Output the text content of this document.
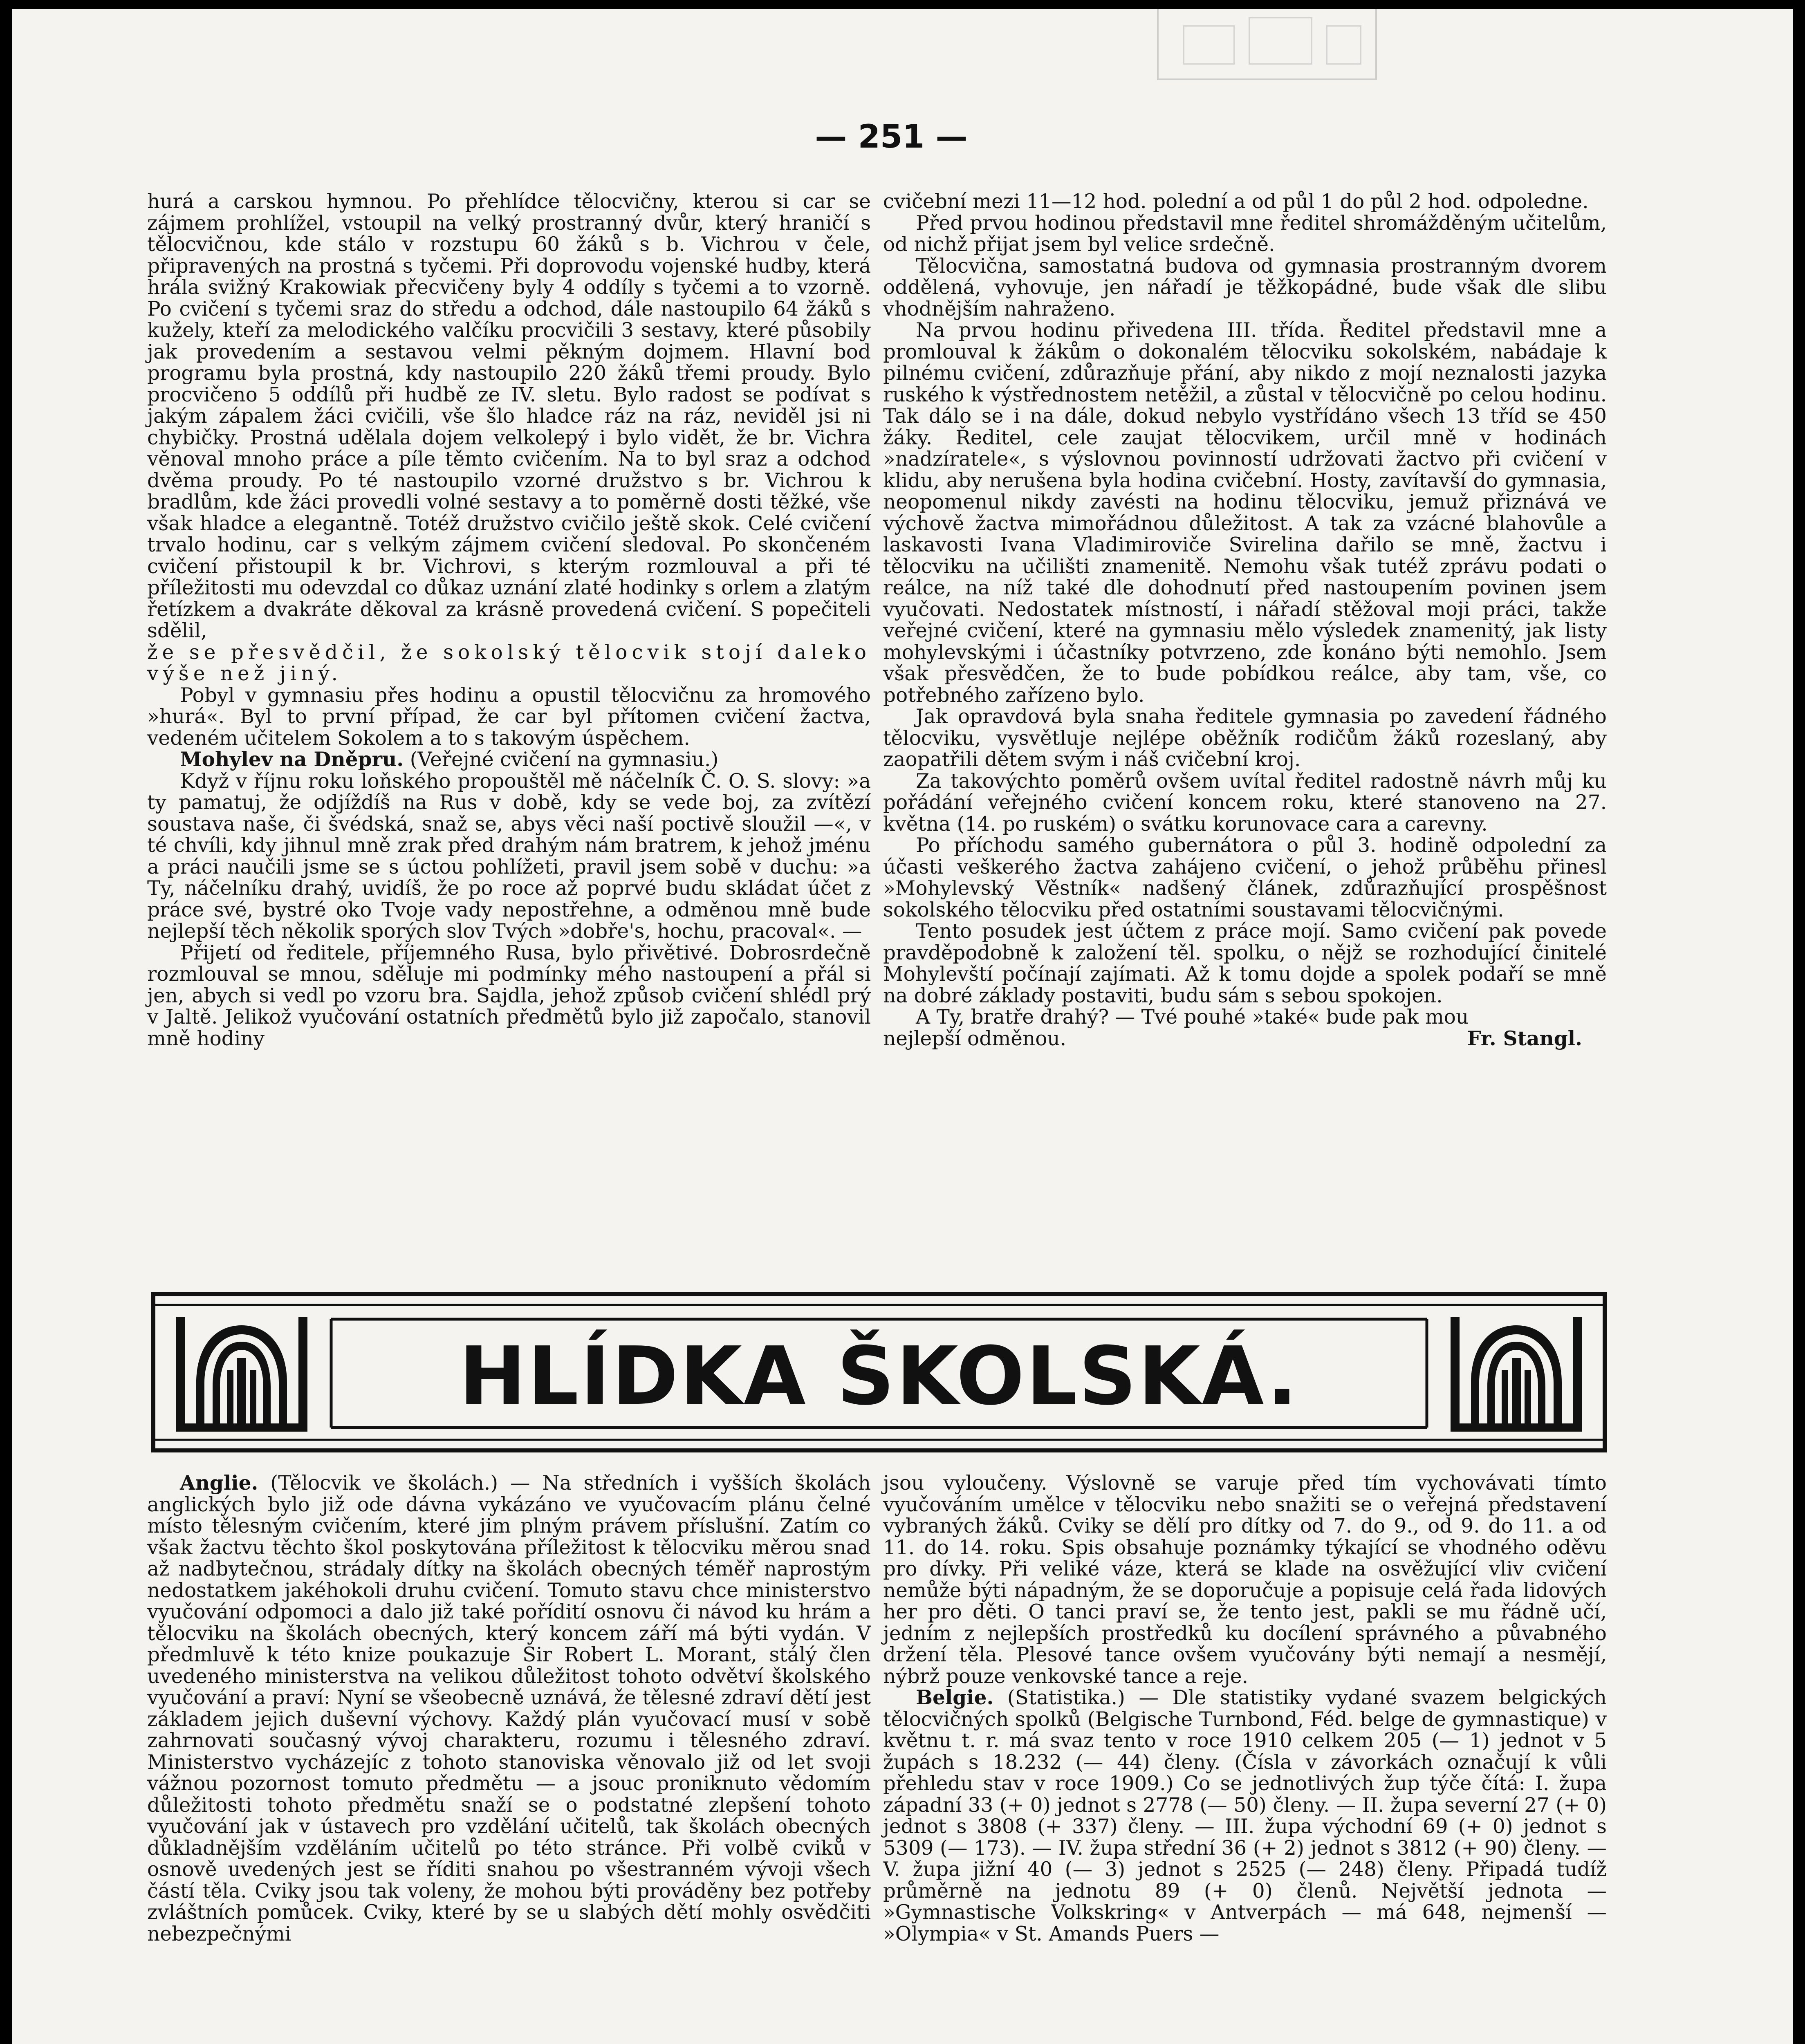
— 251 —

hurá a carskou hymnou. Po přehlídce tělocvičny, kterou si car se zájmem prohlížel, vstoupil na velký prostranný dvůr, který hraničí s tělocvičnou, kde stálo v rozstupu 60 žáků s b. Vichrou v čele, připravených na prostná s tyčemi. Při doprovodu vojenské hudby, která hrála svižný Krakowiak přecvičeny byly 4 oddíly s tyčemi a to vzorně. Po cvičení s tyčemi sraz do středu a odchod, dále nastoupilo 64 žáků s kužely, kteří za melodického valčíku procvičili 3 sestavy, které působily jak provedením a sestavou velmi pěkným dojmem. Hlavní bod programu byla prostná, kdy nastoupilo 220 žáků třemi proudy. Bylo procvičeno 5 oddílů při hudbě ze IV. sletu. Bylo radost se podívat s jakým zápalem žáci cvičili, vše šlo hladce ráz na ráz, neviděl jsi ni chybičky. Prostná udělala dojem velkolepý i bylo vidět, že br. Vichra věnoval mnoho práce a píle těmto cvičením. Na to byl sraz a odchod dvěma proudy. Po té nastoupilo vzorné družstvo s br. Vichrou k bradlům, kde žáci provedli volné sestavy a to poměrně dosti těžké, vše však hladce a elegantně. Totéž družstvo cvičilo ještě skok. Celé cvičení trvalo hodinu, car s velkým zájmem cvičení sledoval. Po skončeném cvičení přistoupil k br. Vichrovi, s kterým rozmlouval a při té příležitosti mu odevzdal co důkaz uznání zlaté hodinky s orlem a zlatým řetízkem a dvakráte děkoval za krásně provedená cvičení. S popečiteli sdělil,

že se přesvědčil, že sokolský tělocvik stojí daleko výše než jiný.

Pobyl v gymnasiu přes hodinu a opustil tělocvičnu za hromového »hurá«. Byl to první případ, že car byl přítomen cvičení žactva, vedeném učitelem Sokolem a to s takovým úspěchem.

Mohylev na Dněpru. (Veřejné cvičení na gymnasiu.)

Když v říjnu roku loňského propouštěl mě náčelník Č. O. S. slovy: »a ty pamatuj, že odjíždíš na Rus v době, kdy se vede boj, za zvítězí soustava naše, či švédská, snaž se, abys věci naší poctivě sloužil —«, v té chvíli, kdy jihnul mně zrak před drahým nám bratrem, k jehož jménu a práci naučili jsme se s úctou pohlížeti, pravil jsem sobě v duchu: »a Ty, náčelníku drahý, uvidíš, že po roce až poprvé budu skládat účet z práce své, bystré oko Tvoje vady nepostřehne, a odměnou mně bude nejlepší těch několik sporých slov Tvých »dobře's, hochu, pracoval«. —

Přijetí od ředitele, příjemného Rusa, bylo přivětivé. Dobrosrdečně rozmlouval se mnou, sděluje mi podmínky mého nastoupení a přál si jen, abych si vedl po vzoru bra. Sajdla, jehož způsob cvičení shlédl prý v Jaltě. Jelikož vyučování ostatních předmětů bylo již započalo, stanovil mně hodiny

cvičební mezi 11—12 hod. polední a od půl 1 do půl 2 hod. odpoledne.

Před prvou hodinou představil mne ředitel shromážděným učitelům, od nichž přijat jsem byl velice srdečně.

Tělocvična, samostatná budova od gymnasia prostranným dvorem oddělená, vyhovuje, jen nářadí je těžkopádné, bude však dle slibu vhodnějším nahraženo.

Na prvou hodinu přivedena III. třída. Ředitel představil mne a promlouval k žákům o dokonalém tělocviku sokolském, nabádaje k pilnému cvičení, zdůrazňuje přání, aby nikdo z mojí neznalosti jazyka ruského k výstřednostem netěžil, a zůstal v tělocvičně po celou hodinu. Tak dálo se i na dále, dokud nebylo vystřídáno všech 13 tříd se 450 žáky. Ředitel, cele zaujat tělocvikem, určil mně v hodinách »nadzíratele«, s výslovnou povinností udržovati žactvo při cvičení v klidu, aby nerušena byla hodina cvičební. Hosty, zavítavší do gymnasia, neopomenul nikdy zavésti na hodinu tělocviku, jemuž přiznává ve výchově žactva mimořádnou důležitost. A tak za vzácné blahovůle a laskavosti Ivana Vladimiroviče Svirelina dařilo se mně, žactvu i tělocviku na učilišti znamenitě. Nemohu však tutéž zprávu podati o reálce, na níž také dle dohodnutí před nastoupením povinen jsem vyučovati. Nedostatek místností, i nářadí stěžoval moji práci, takže veřejné cvičení, které na gymnasiu mělo výsledek znamenitý, jak listy mohylevskými i účastníky potvrzeno, zde konáno býti nemohlo. Jsem však přesvědčen, že to bude pobídkou reálce, aby tam, vše, co potřebného zařízeno bylo.

Jak opravdová byla snaha ředitele gymnasia po zavedení řádného tělocviku, vysvětluje nejlépe oběžník rodičům žáků rozeslaný, aby zaopatřili dětem svým i náš cvičební kroj.

Za takovýchto poměrů ovšem uvítal ředitel radostně návrh můj ku pořádání veřejného cvičení koncem roku, které stanoveno na 27. května (14. po ruském) o svátku korunovace cara a carevny.

Po příchodu samého gubernátora o půl 3. hodině odpolední za účasti veškerého žactva zahájeno cvičení, o jehož průběhu přinesl »Mohylevský Věstník« nadšený článek, zdůrazňující prospěšnost sokolského tělocviku před ostatními soustavami tělocvičnými.

Tento posudek jest účtem z práce mojí. Samo cvičení pak povede pravděpodobně k založení těl. spolku, o nějž se rozhodující činitelé Mohylevští počínají zajímati. Až k tomu dojde a spolek podaří se mně na dobré základy postaviti, budu sám s sebou spokojen.

A Ty, bratře drahý? — Tvé pouhé »také« bude pak mou

nejlepší odměnou.	Fr. Stangl.

HLÍDKA ŠKOLSKÁ.

Anglie. (Tělocvik ve školách.) — Na středních i vyšších školách anglických bylo již ode dávna vykázáno ve vyučovacím plánu čelné místo tělesným cvičením, které jim plným právem příslušní. Zatím co však žactvu těchto škol poskytována příležitost k tělocviku měrou snad až nadbytečnou, strádaly dítky na školách obecných téměř naprostým nedostatkem jakéhokoli druhu cvičení. Tomuto stavu chce ministerstvo vyučování odpomoci a dalo již také pořídití osnovu či návod ku hrám a tělocviku na školách obecných, který koncem září má býti vydán. V předmluvě k této knize poukazuje Sir Robert L. Morant, stálý člen uvedeného ministerstva na velikou důležitost tohoto odvětví školského vyučování a praví: Nyní se všeobecně uznává, že tělesné zdraví dětí jest základem jejich duševní výchovy. Každý plán vyučovací musí v sobě zahrnovati současný vývoj charakteru, rozumu i tělesného zdraví. Ministerstvo vycházejíc z tohoto stanoviska věnovalo již od let svoji vážnou pozornost tomuto předmětu — a jsouc proniknuto vědomím důležitosti tohoto předmětu snaží se o podstatné zlepšení tohoto vyučování jak v ústavech pro vzdělání učitelů, tak školách obecných důkladnějším vzděláním učitelů po této stránce. Při volbě cviků v osnově uvedených jest se říditi snahou po všestranném vývoji všech částí těla. Cviky jsou tak voleny, že mohou býti prováděny bez potřeby zvláštních pomůcek. Cviky, které by se u slabých dětí mohly osvědčiti nebezpečnými

jsou vyloučeny. Výslovně se varuje před tím vychovávati tímto vyučováním umělce v tělocviku nebo snažiti se o veřejná představení vybraných žáků. Cviky se dělí pro dítky od 7. do 9., od 9. do 11. a od 11. do 14. roku. Spis obsahuje poznámky týkající se vhodného oděvu pro dívky. Při veliké váze, která se klade na osvěžující vliv cvičení nemůže býti nápadným, že se doporučuje a popisuje celá řada lidových her pro děti. O tanci praví se, že tento jest, pakli se mu řádně učí, jedním z nejlepších prostředků ku docílení správného a půvabného držení těla. Plesové tance ovšem vyučovány býti nemají a nesmějí, nýbrž pouze venkovské tance a reje.

Belgie. (Statistika.) — Dle statistiky vydané svazem belgických tělocvičných spolků (Belgische Turnbond, Féd. belge de gymnastique) v květnu t. r. má svaz tento v roce 1910 celkem 205 (— 1) jednot v 5 župách s 18.232 (— 44) členy. (Čísla v závorkách označují k vůli přehledu stav v roce 1909.) Co se jednotlivých žup týče čítá: I. župa západní 33 (+ 0) jednot s 2778 (— 50) členy. — II. župa severní 27 (+ 0) jednot s 3808 (+ 337) členy. — III. župa východní 69 (+ 0) jednot s 5309 (— 173). — IV. župa střední 36 (+ 2) jednot s 3812 (+ 90) členy. — V. župa jižní 40 (— 3) jednot s 2525 (— 248) členy. Připadá tudíž průměrně na jednotu 89 (+ 0) členů. Největší jednota — »Gymnastische Volkskring« v Antverpách — má 648, nejmenší — »Olympia« v St. Amands Puers —
